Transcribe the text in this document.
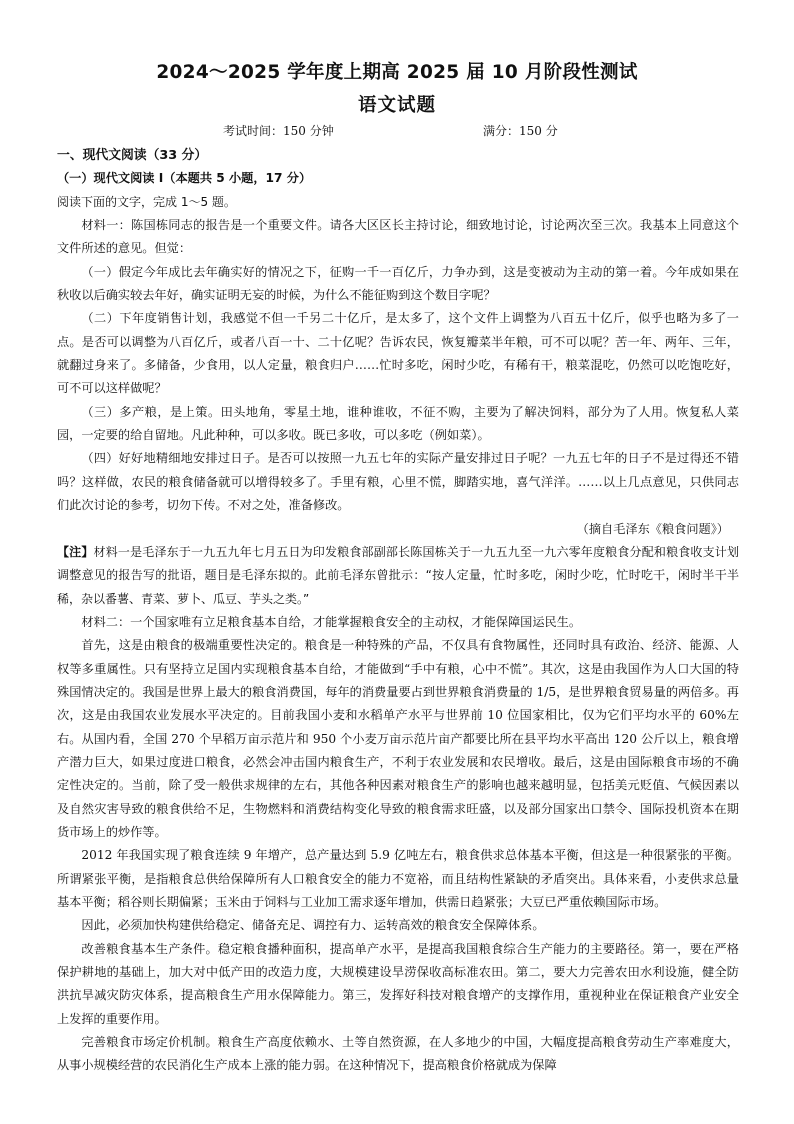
2024～2025 学年度上期高 2025 届 10 月阶段性测试
语文试题
考试时间：150 分钟	满分：150 分

一、现代文阅读（33 分）

（一）现代文阅读 I（本题共 5 小题，17 分）

阅读下面的文字，完成 1～5 题。

材料一：陈国栋同志的报告是一个重要文件。请各大区区长主持讨论，细致地讨论，讨论两次至三次。我基本上同意这个文件所述的意见。但觉：

（一）假定今年成比去年确实好的情况之下，征购一千一百亿斤，力争办到，这是变被动为主动的第一着。今年成如果在秋收以后确实较去年好，确实证明无妄的时候，为什么不能征购到这个数目字呢？

（二）下年度销售计划，我感觉不但一千另二十亿斤，是太多了，这个文件上调整为八百五十亿斤，似乎也略为多了一点。是否可以调整为八百亿斤，或者八百一十、二十亿呢？告诉农民，恢复瓣菜半年粮，可不可以呢？苦一年、两年、三年，就翻过身来了。多储备，少食用，以人定量，粮食归户……忙时多吃，闲时少吃，有稀有干，粮菜混吃，仍然可以吃饱吃好，可不可以这样做呢？

（三）多产粮，是上策。田头地角，零星土地，谁种谁收，不征不购，主要为了解决饲料，部分为了人用。恢复私人菜园，一定要的给自留地。凡此种种，可以多收。既已多收，可以多吃（例如菜）。

（四）好好地精细地安排过日子。是否可以按照一九五七年的实际产量安排过日子呢？一九五七年的日子不是过得还不错吗？这样做，农民的粮食储备就可以增得较多了。手里有粮，心里不慌，脚踏实地，喜气洋洋。……以上几点意见，只供同志们此次讨论的参考，切勿下传。不对之处，准备修改。

（摘自毛泽东《粮食问题》）

【注】材料一是毛泽东于一九五九年七月五日为印发粮食部副部长陈国栋关于一九五九至一九六零年度粮食分配和粮食收支计划调整意见的报告写的批语，题目是毛泽东拟的。此前毛泽东曾批示：“按人定量，忙时多吃，闲时少吃，忙时吃干，闲时半干半稀，杂以番薯、青菜、萝卜、瓜豆、芋头之类。”

材料二：一个国家唯有立足粮食基本自给，才能掌握粮食安全的主动权，才能保障国运民生。

首先，这是由粮食的极端重要性决定的。粮食是一种特殊的产品，不仅具有食物属性，还同时具有政治、经济、能源、人权等多重属性。只有坚持立足国内实现粮食基本自给，才能做到“手中有粮，心中不慌”。其次，这是由我国作为人口大国的特殊国情决定的。我国是世界上最大的粮食消费国，每年的消费量要占到世界粮食消费量的 1/5，是世界粮食贸易量的两倍多。再次，这是由我国农业发展水平决定的。目前我国小麦和水稻单产水平与世界前 10 位国家相比，仅为它们平均水平的 60%左右。从国内看，全国 270 个早稻万亩示范片和 950 个小麦万亩示范片亩产都要比所在县平均水平高出 120 公斤以上，粮食增产潜力巨大，如果过度进口粮食，必然会冲击国内粮食生产，不利于农业发展和农民增收。最后，这是由国际粮食市场的不确定性决定的。当前，除了受一般供求规律的左右，其他各种因素对粮食生产的影响也越来越明显，包括美元贬值、气候因素以及自然灾害导致的粮食供给不足，生物燃料和消费结构变化导致的粮食需求旺盛，以及部分国家出口禁令、国际投机资本在期货市场上的炒作等。

2012 年我国实现了粮食连续 9 年增产，总产量达到 5.9 亿吨左右，粮食供求总体基本平衡，但这是一种很紧张的平衡。所谓紧张平衡，是指粮食总供给保障所有人口粮食安全的能力不宽裕，而且结构性紧缺的矛盾突出。具体来看，小麦供求总量基本平衡；稻谷则长期偏紧；玉米由于饲料与工业加工需求逐年增加，供需日趋紧张；大豆已严重依赖国际市场。

因此，必须加快构建供给稳定、储备充足、调控有力、运转高效的粮食安全保障体系。

改善粮食基本生产条件。稳定粮食播种面积，提高单产水平，是提高我国粮食综合生产能力的主要路径。第一，要在严格保护耕地的基础上，加大对中低产田的改造力度，大规模建设旱涝保收高标准农田。第二，要大力完善农田水利设施，健全防洪抗旱减灾防灾体系，提高粮食生产用水保障能力。第三，发挥好科技对粮食增产的支撑作用，重视种业在保证粮食产业安全上发挥的重要作用。

完善粮食市场定价机制。粮食生产高度依赖水、土等自然资源，在人多地少的中国，大幅度提高粮食劳动生产率难度大，从事小规模经营的农民消化生产成本上涨的能力弱。在这种情况下，提高粮食价格就成为保障
